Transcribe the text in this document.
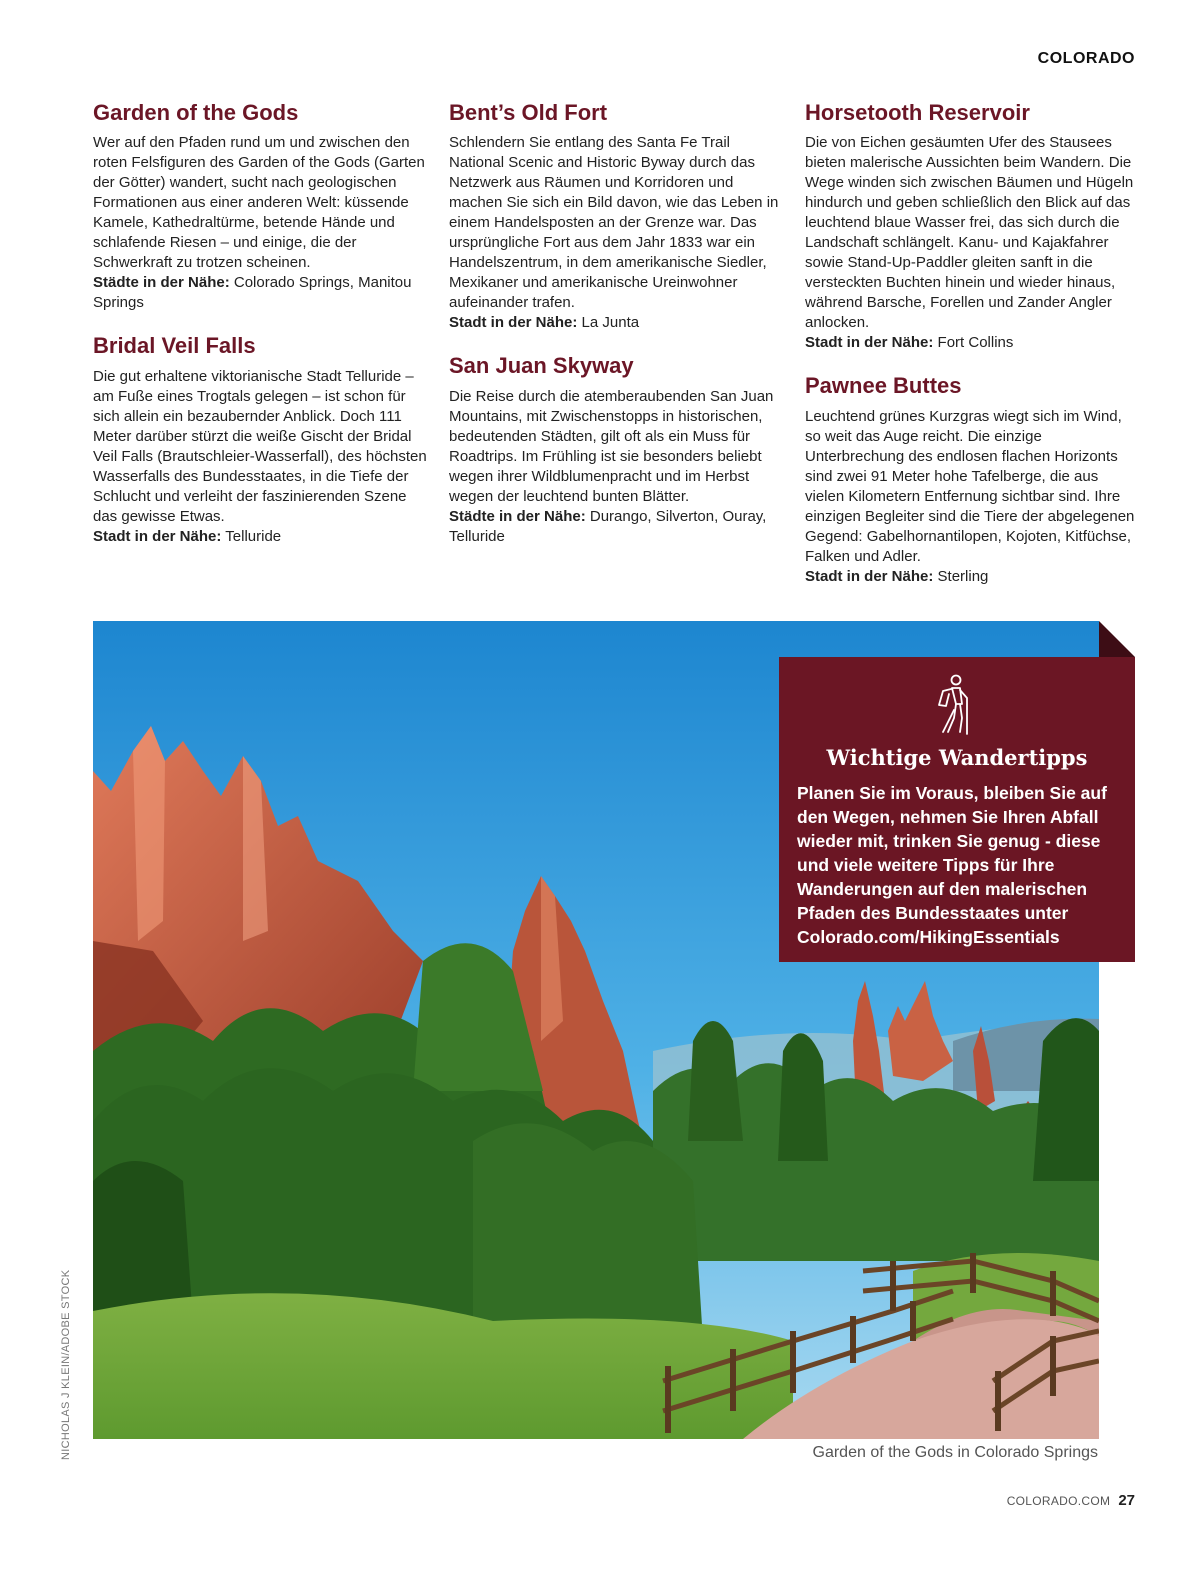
COLORADO
Garden of the Gods

Wer auf den Pfaden rund um und zwischen den roten Felsfiguren des Garden of the Gods (Garten der Götter) wandert, sucht nach geologischen Formationen aus einer anderen Welt: küssende Kamele, Kathedraltürme, betende Hände und schlafende Riesen – und einige, die der Schwerkraft zu trotzen scheinen.

Städte in der Nähe: Colorado Springs, Manitou Springs
Bridal Veil Falls

Die gut erhaltene viktorianische Stadt Telluride – am Fuße eines Trogtals gelegen – ist schon für sich allein ein bezaubernder Anblick. Doch 111 Meter darüber stürzt die weiße Gischt der Bridal Veil Falls (Brautschleier-Wasserfall), des höchsten Wasserfalls des Bundesstaates, in die Tiefe der Schlucht und verleiht der faszinierenden Szene das gewisse Etwas.

Stadt in der Nähe: Telluride
Bent’s Old Fort

Schlendern Sie entlang des Santa Fe Trail National Scenic and Historic Byway durch das Netzwerk aus Räumen und Korridoren und machen Sie sich ein Bild davon, wie das Leben in einem Handelsposten an der Grenze war. Das ursprüngliche Fort aus dem Jahr 1833 war ein Handelszentrum, in dem amerikanische Siedler, Mexikaner und amerikanische Ureinwohner aufeinander trafen.

Stadt in der Nähe: La Junta
San Juan Skyway

Die Reise durch die atemberaubenden San Juan Mountains, mit Zwischenstopps in historischen, bedeutenden Städten, gilt oft als ein Muss für Roadtrips. Im Frühling ist sie besonders beliebt wegen ihrer Wildblumenpracht und im Herbst wegen der leuchtend bunten Blätter.

Städte in der Nähe: Durango, Silverton, Ouray, Telluride
Horsetooth Reservoir

Die von Eichen gesäumten Ufer des Stausees bieten malerische Aussichten beim Wandern. Die Wege winden sich zwischen Bäumen und Hügeln hindurch und geben schließlich den Blick auf das leuchtend blaue Wasser frei, das sich durch die Landschaft schlängelt. Kanu- und Kajakfahrer sowie Stand-Up-Paddler gleiten sanft in die versteckten Buchten hinein und wieder hinaus, während Barsche, Forellen und Zander Angler anlocken.

Stadt in der Nähe: Fort Collins
Pawnee Buttes

Leuchtend grünes Kurzgras wiegt sich im Wind, so weit das Auge reicht. Die einzige Unterbrechung des endlosen flachen Horizonts sind zwei 91 Meter hohe Tafelberge, die aus vielen Kilometern Entfernung sichtbar sind. Ihre einzigen Begleiter sind die Tiere der abgelegenen Gegend: Gabelhornantilopen, Kojoten, Kitfüchse, Falken und Adler.

Stadt in der Nähe: Sterling
Wichtige Wandertipps
Planen Sie im Voraus, bleiben Sie auf den Wegen, nehmen Sie Ihren Abfall wieder mit, trinken Sie genug - diese und viele weitere Tipps für Ihre Wanderungen auf den malerischen Pfaden des Bundesstaates unter Colorado.com/HikingEssentials
Garden of the Gods in Colorado Springs
NICHOLAS J KLEIN/ADOBE STOCK
COLORADO.COM 27
